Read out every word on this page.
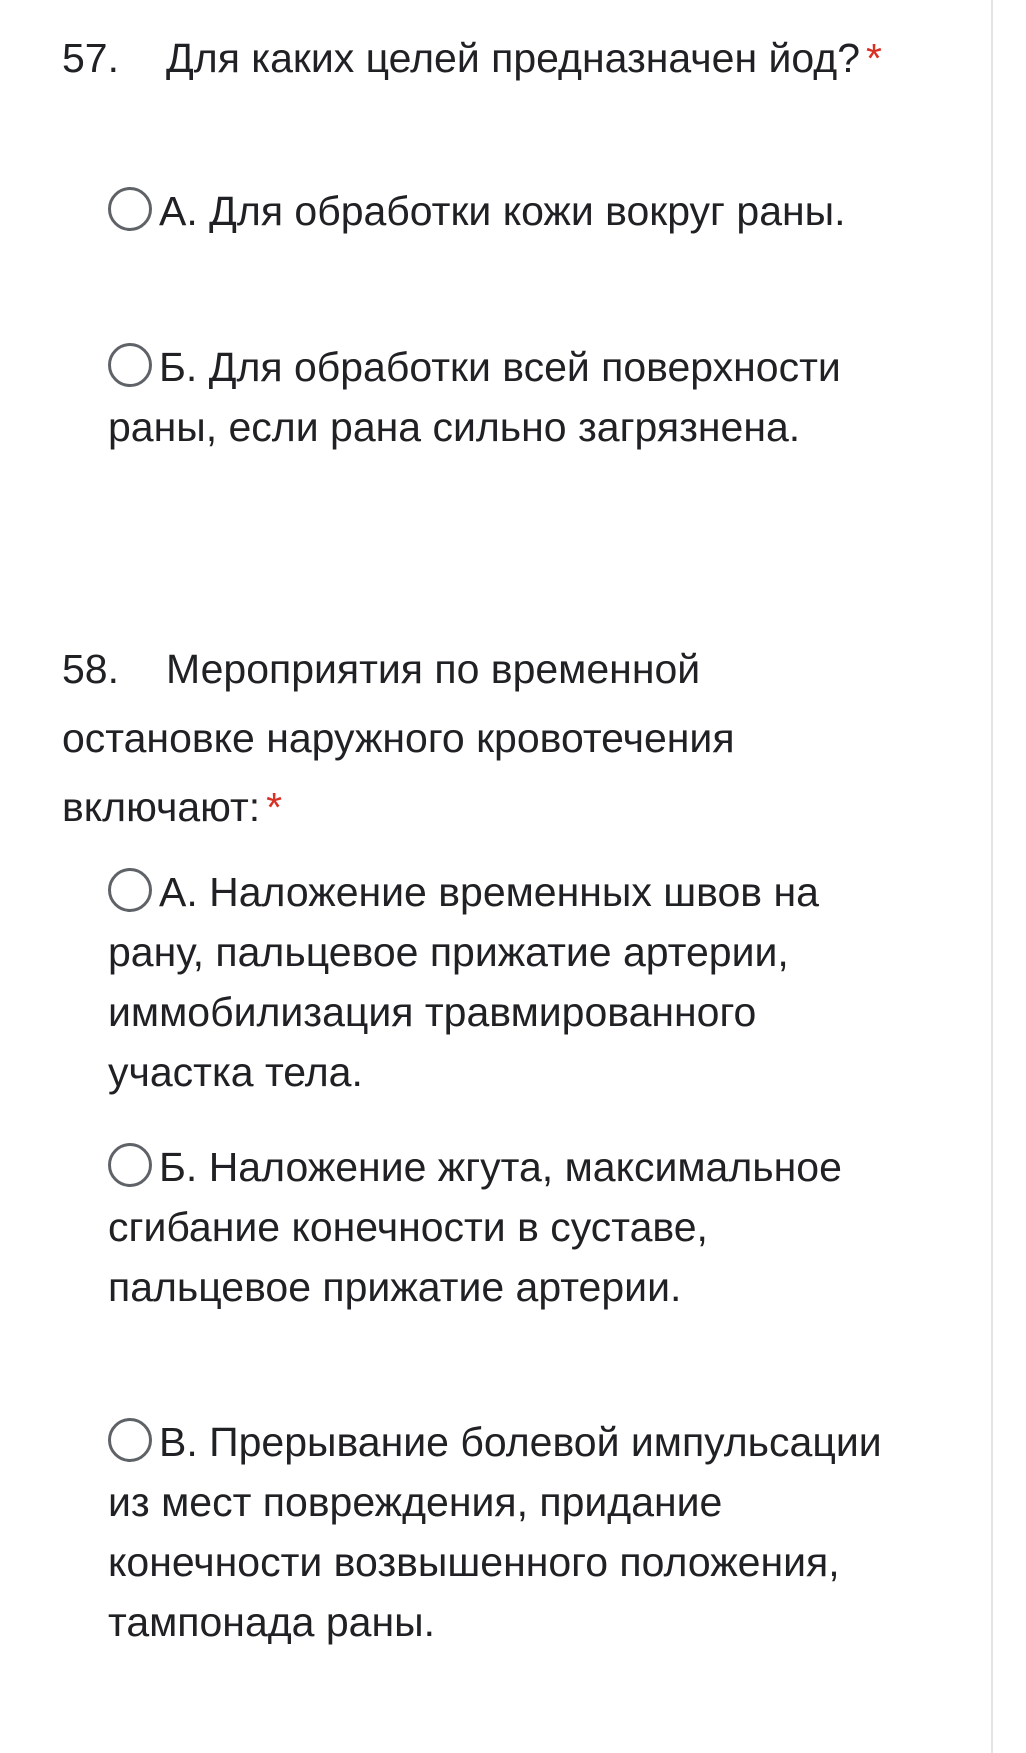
57. Для каких целей предназначен йод? *
А. Для обработки кожи вокруг раны.
Б. Для обработки всей поверхности раны, если рана сильно загрязнена.
58. Мероприятия по временной остановке наружного кровотечения включают: *
А. Наложение временных швов на рану, пальцевое прижатие артерии, иммобилизация травмированного участка тела.
Б. Наложение жгута, максимальное сгибание конечности в суставе, пальцевое прижатие артерии.
В. Прерывание болевой импульсации из мест повреждения, придание конечности возвышенного положения, тампонада раны.
